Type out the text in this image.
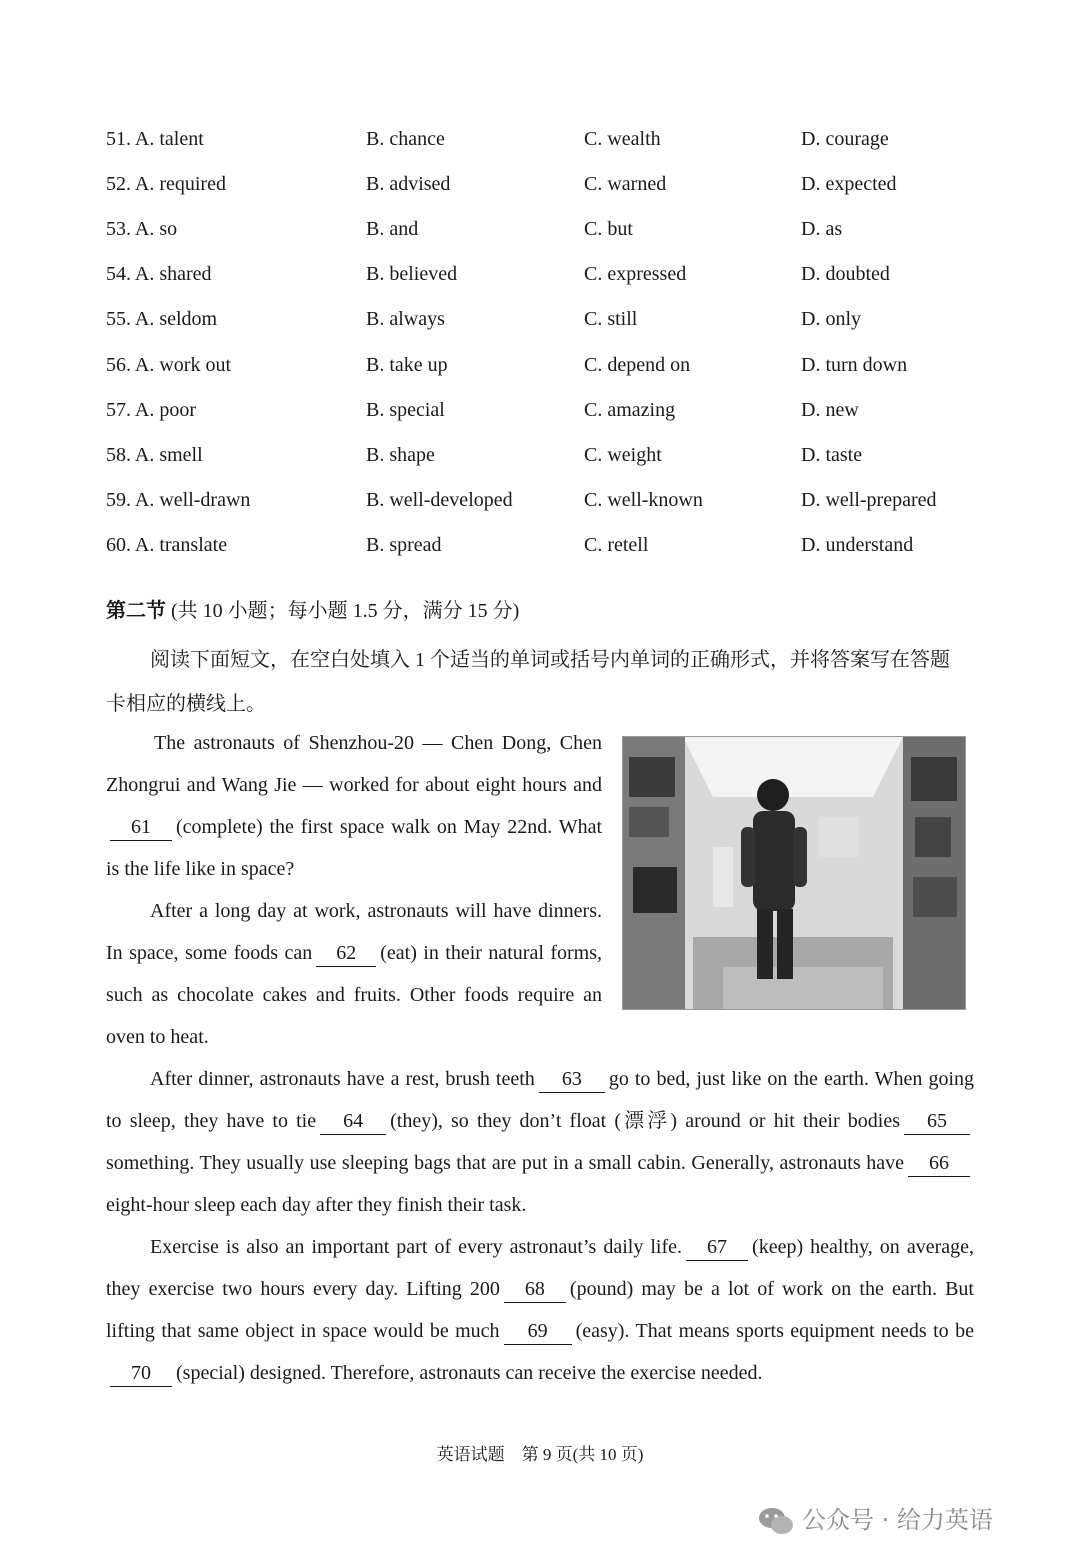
51. A. talent	B. chance	C. wealth	D. courage
52. A. required	B. advised	C. warned	D. expected
53. A. so	B. and	C. but	D. as
54. A. shared	B. believed	C. expressed	D. doubted
55. A. seldom	B. always	C. still	D. only
56. A. work out	B. take up	C. depend on	D. turn down
57. A. poor	B. special	C. amazing	D. new
58. A. smell	B. shape	C. weight	D. taste
59. A. well-drawn	B. well-developed	C. well-known	D. well-prepared
60. A. translate	B. spread	C. retell	D. understand
第二节 (共 10 小题；每小题 1.5 分，满分 15 分)
阅读下面短文，在空白处填入 1 个适当的单词或括号内单词的正确形式，并将答案写在答题卡相应的横线上。
The astronauts of Shenzhou-20 — Chen Dong, Chen Zhongrui and Wang Jie — worked for about eight hours and61 (complete) the first space walk on May 22nd. What is the life like in space?
After a long day at work, astronauts will have dinners. In space, some foods can 62 (eat) in their natural forms, such as chocolate cakes and fruits. Other foods require an oven to heat.
After dinner, astronauts have a rest, brush teeth 63 go to bed, just like on the earth. When going to sleep, they have to tie 64 (they), so they don’t float (漂浮) around or hit their bodies 65something. They usually use sleeping bags that are put in a small cabin. Generally, astronauts have 66eight-hour sleep each day after they finish their task.
Exercise is also an important part of every astronaut’s daily life. 67 (keep) healthy, on average, they exercise two hours every day. Lifting 200 68 (pound) may be a lot of work on the earth. But lifting that same object in space would be much 69 (easy). That means sports equipment needs to be70 (special) designed. Therefore, astronauts can receive the exercise needed.
英语试题　第 9 页(共 10 页)
公众号 · 给力英语
